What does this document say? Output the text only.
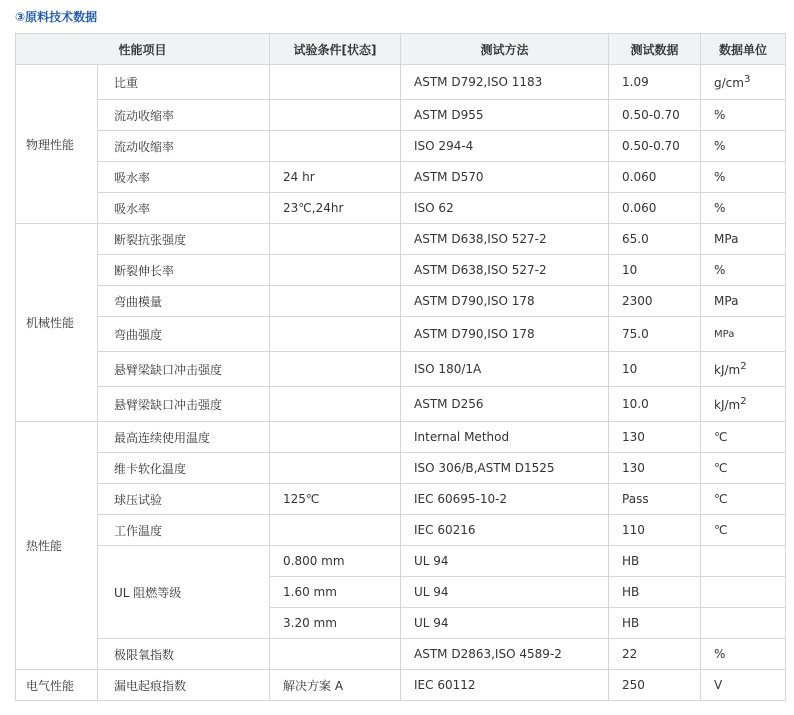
③原料技术数据
性能项目		试验条件[状态]	测试方法	测试数据	数据单位
物理性能	比重		ASTM D792,ISO 1183	1.09	$g/cm^3$
	流动收缩率		ASTM D955	0.50-0.70	%
	流动收缩率		ISO 294-4	0.50-0.70	%
	吸水率	24 hr	ASTM D570	0.060	%
	吸水率	23℃,24hr	ISO 62	0.060	%
机械性能	断裂抗张强度		ASTM D638,ISO 527-2	65.0	MPa
	断裂伸长率		ASTM D638,ISO 527-2	10	%
	弯曲模量		ASTM D790,ISO 178	2300	MPa
	弯曲强度		ASTM D790,ISO 178	75.0	MPa
	悬臂梁缺口冲击强度		ISO 180/1A	10	$kJ/m^2$
	悬臂梁缺口冲击强度		ASTM D256	10.0	$kJ/m^2$
热性能	最高连续使用温度		Internal Method	130	℃
	维卡软化温度		ISO 306/B,ASTM D1525	130	℃
	球压试验	125℃	IEC 60695-10-2	Pass	℃
	工作温度		IEC 60216	110	℃
	UL 阻燃等级	0.800 mm	UL 94	HB	
		1.60 mm	UL 94	HB	
		3.20 mm	UL 94	HB	
	极限氧指数		ASTM D2863,ISO 4589-2	22	%
电气性能	漏电起痕指数	解决方案 A	IEC 60112	250	V
